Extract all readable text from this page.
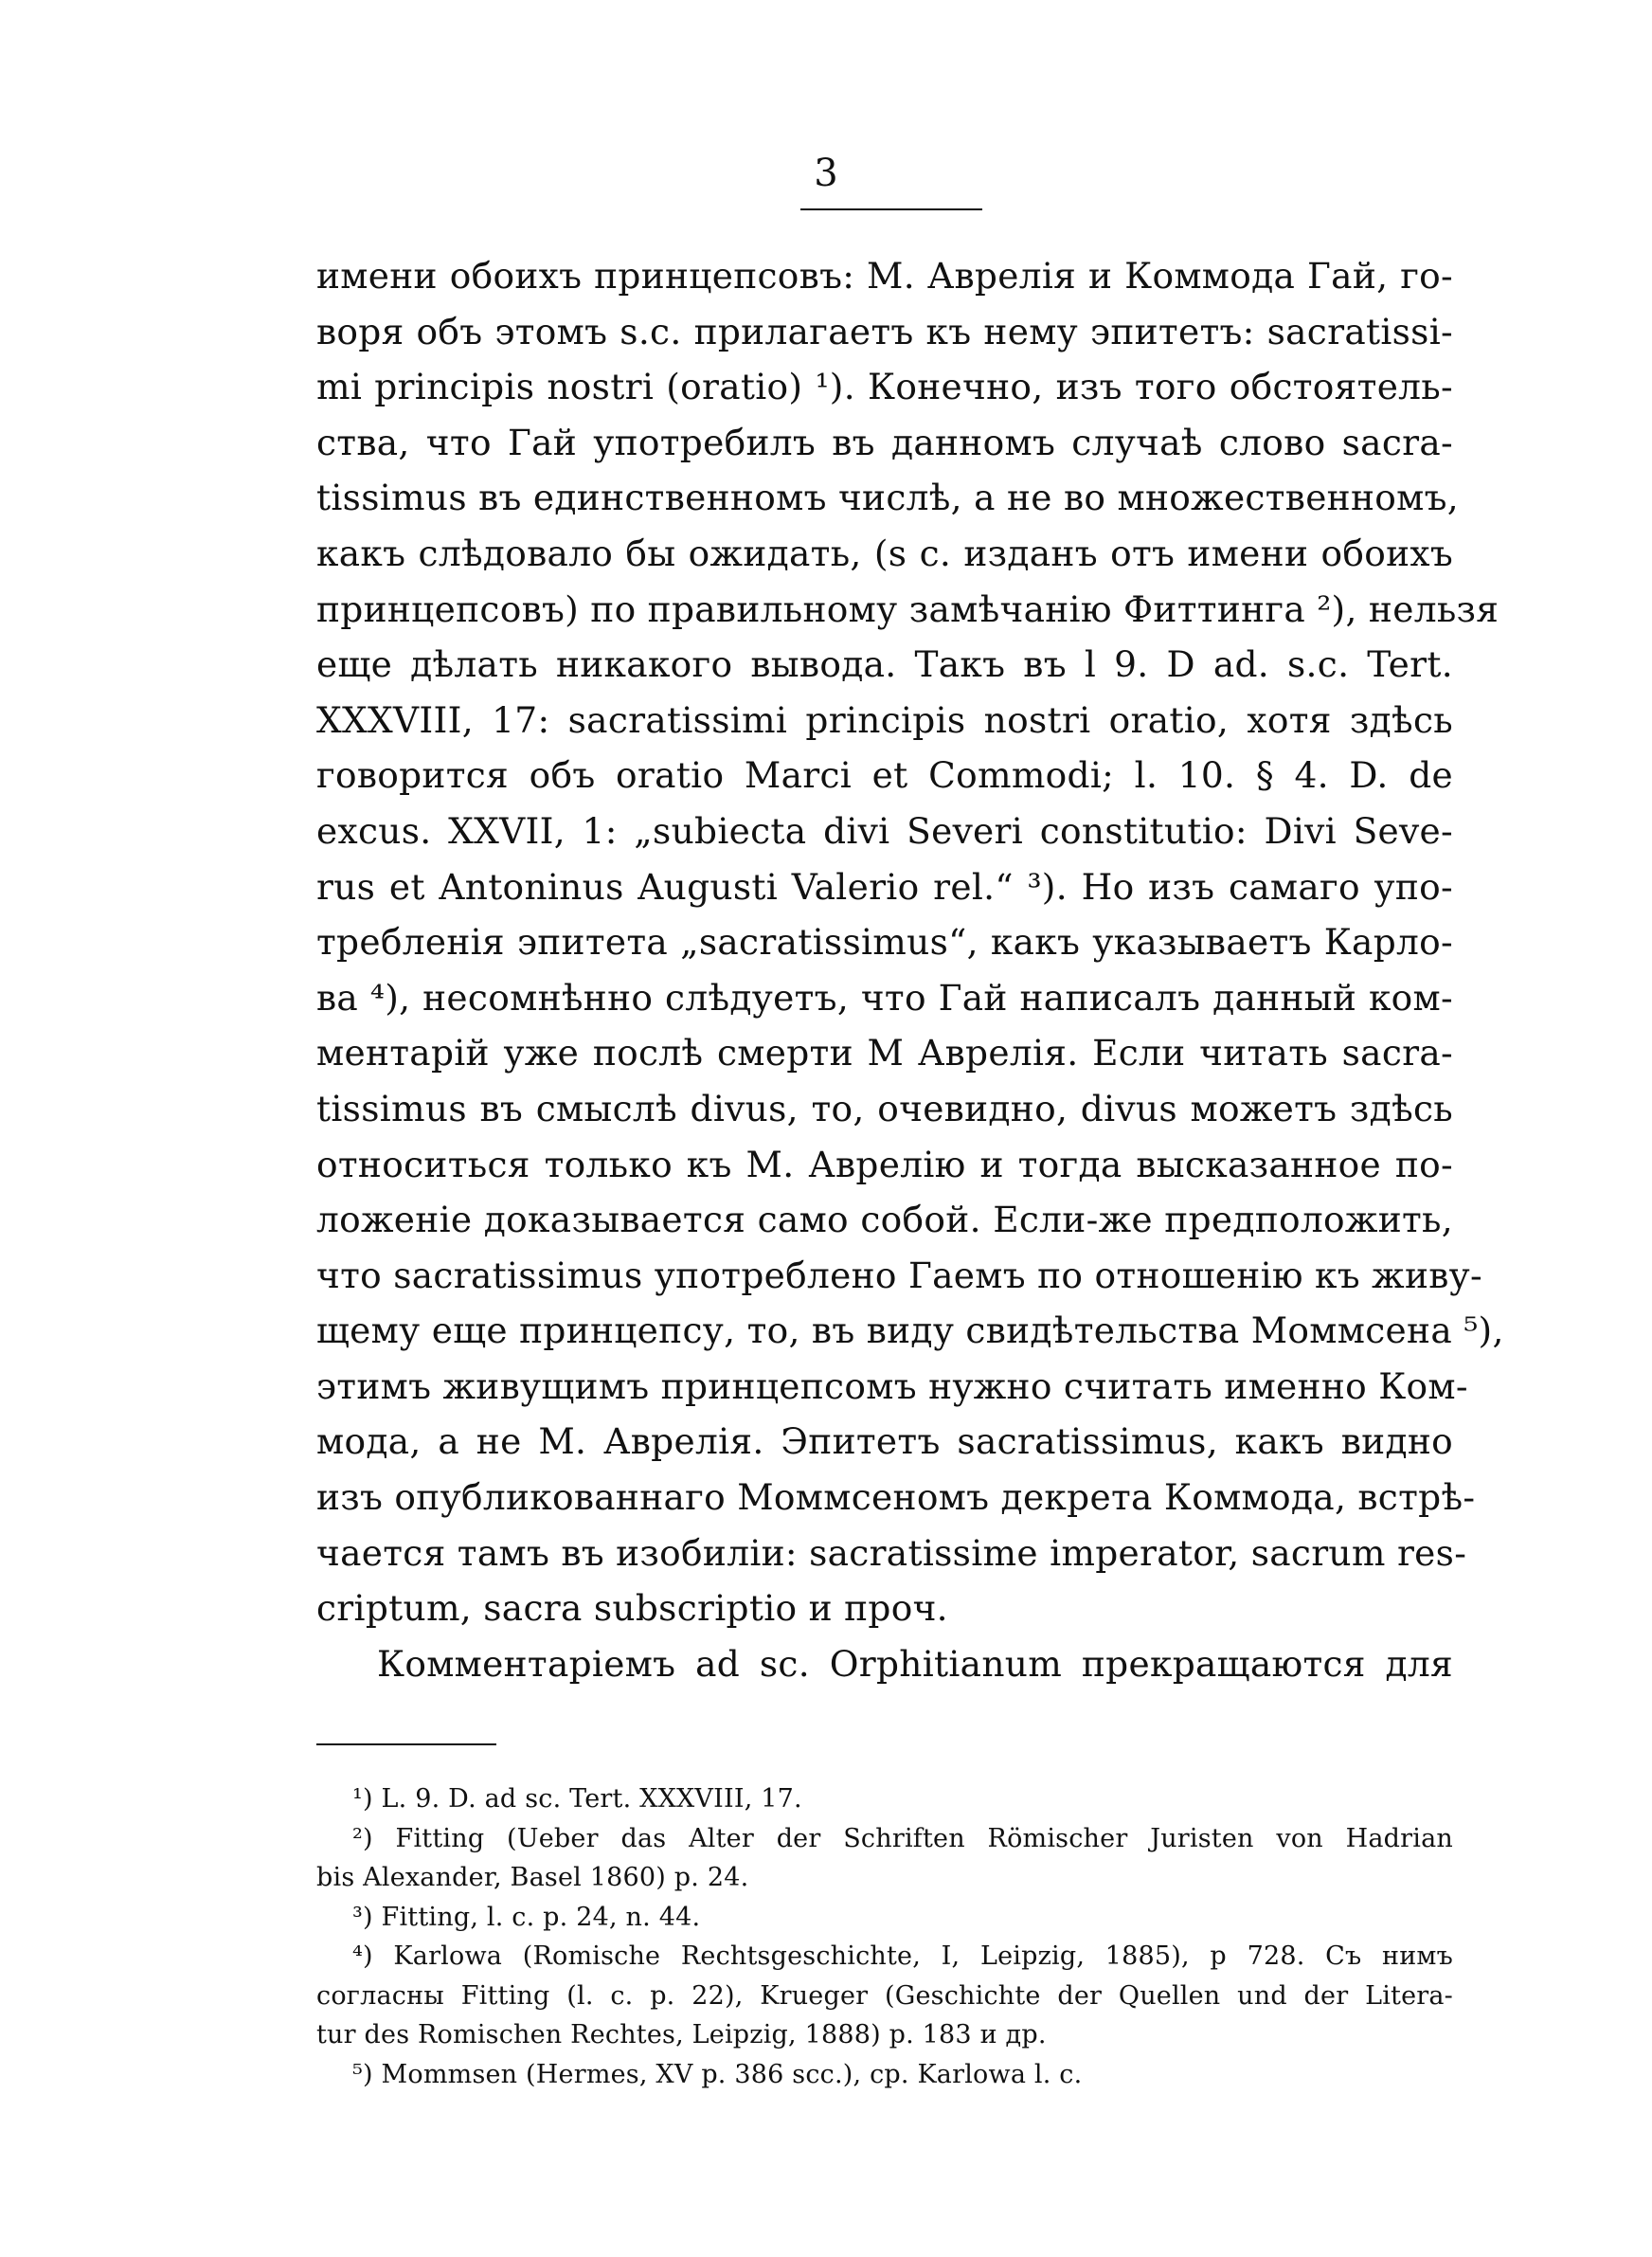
3
имени обоихъ принцепсовъ: М. Аврелія и Коммода Гай, го-
воря объ этомъ s.c. прилагаетъ къ нему эпитетъ: sacratissi-
mi principis nostri (oratio) ¹). Конечно, изъ того обстоятель-
ства, что Гай употребилъ въ данномъ случаѣ слово sacra-
tissimus въ единственномъ числѣ, а не во множественномъ,
какъ слѣдовало бы ожидать, (s c. изданъ отъ имени обоихъ
принцепсовъ) по правильному замѣчанію Фиттинга ²), нельзя
еще дѣлать никакого вывода. Такъ въ l 9. D ad. s.c. Tert.
XXXVIII, 17: sacratissimi principis nostri oratio, хотя здѣсь
говорится объ oratio Marci et Commodi; l. 10. § 4. D. de
excus. XXVII, 1: „subiecta divi Severi constitutio: Divi Seve-
rus et Antoninus Augusti Valerio rel.“ ³). Но изъ самаго упо-
требленія эпитета „sacratissimus“, какъ указываетъ Карло-
ва ⁴), несомнѣнно слѣдуетъ, что Гай написалъ данный ком-
ментарій уже послѣ смерти М Аврелія. Если читать sacra-
tissimus въ смыслѣ divus, то, очевидно, divus можетъ здѣсь
относиться только къ М. Аврелію и тогда высказанное по-
ложеніе доказывается само собой. Если-же предположить,
что sacratissimus употреблено Гаемъ по отношенію къ живу-
щему еще принцепсу, то, въ виду свидѣтельства Моммсена ⁵),
этимъ живущимъ принцепсомъ нужно считать именно Ком-
мода, а не М. Аврелія. Эпитетъ sacratissimus, какъ видно
изъ опубликованнаго Моммсеномъ декрета Коммода, встрѣ-
чается тамъ въ изобиліи: sacratissime imperator, sacrum res-
criptum, sacra subscriptio и проч.
Комментаріемъ ad sc. Orphitianum прекращаются для
¹) L. 9. D. ad sc. Tert. XXXVIII, 17.
²) Fitting (Ueber das Alter der Schriften Römischer Juristen von Hadrian
bis Alexander, Basel 1860) p. 24.
³) Fitting, l. c. p. 24, n. 44.
⁴) Karlowa (Romische Rechtsgeschichte, I, Leipzig, 1885), p 728. Съ нимъ
согласны Fitting (l. c. p. 22), Krueger (Geschichte der Quellen und der Litera-
tur des Romischen Rechtes, Leipzig, 1888) p. 183 и др.
⁵) Mommsen (Hermes, XV p. 386 scc.), cp. Karlowa l. c.
